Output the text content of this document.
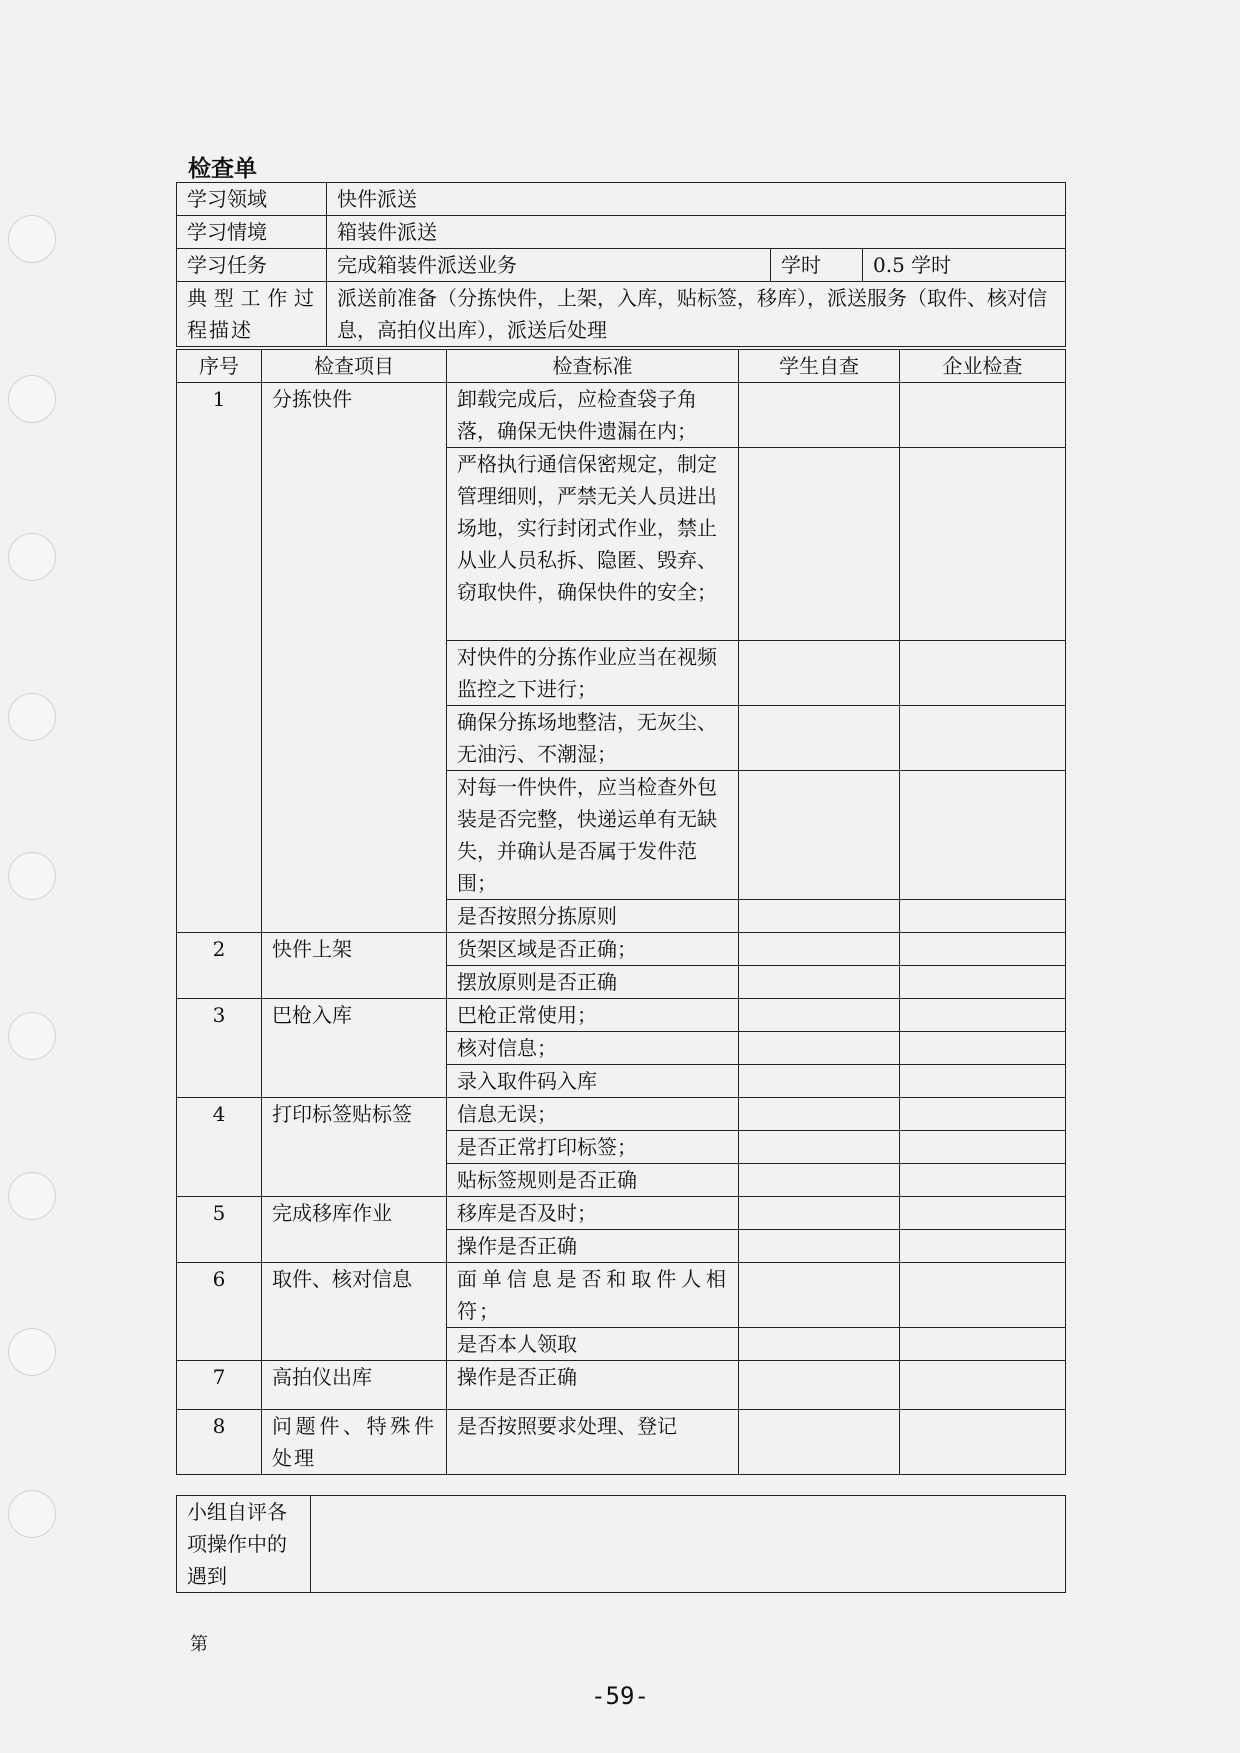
检查单
学习领域	快件派送		
学习情境	箱装件派送		
学习任务	完成箱装件派送业务	学时	0.5 学时
典型工作过程描述	派送前准备（分拣快件，上架，入库，贴标签，移库），派送服务（取件、核对信息，高拍仪出库），派送后处理		
序号	检查项目	检查标准	学生自查	企业检查
1	分拣快件	卸载完成后，应检查袋子角落，确保无快件遗漏在内；		
		严格执行通信保密规定，制定管理细则，严禁无关人员进出场地，实行封闭式作业，禁止从业人员私拆、隐匿、毁弃、窃取快件，确保快件的安全；		
		对快件的分拣作业应当在视频监控之下进行；		
		确保分拣场地整洁，无灰尘、无油污、不潮湿；		
		对每一件快件，应当检查外包装是否完整，快递运单有无缺失，并确认是否属于发件范围；		
		是否按照分拣原则		
2	快件上架	货架区域是否正确；		
		摆放原则是否正确		
3	巴枪入库	巴枪正常使用；		
		核对信息；		
		录入取件码入库		
4	打印标签贴标签	信息无误；		
		是否正常打印标签；		
		贴标签规则是否正确		
5	完成移库作业	移库是否及时；		
		操作是否正确		
6	取件、核对信息	面单信息是否和取件人相符；		
		是否本人领取		
7	高拍仪出库	操作是否正确		
8	问题件、特殊件处理	是否按照要求处理、登记		
小组自评各项操作中的遇到	
第
-59-
